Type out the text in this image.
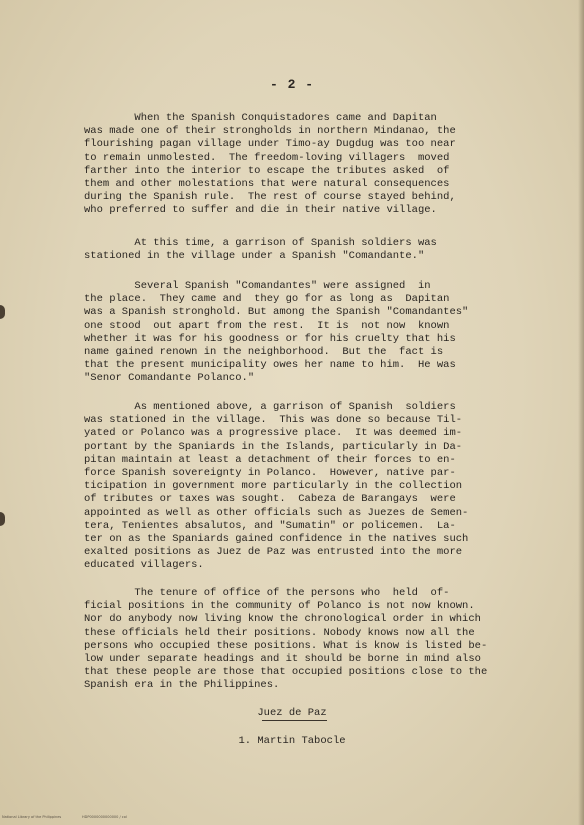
- 2 -
When the Spanish Conquistadores came and Dapitan
was made one of their strongholds in northern Mindanao, the
flourishing pagan village under Timo-ay Dugdug was too near
to remain unmolested.  The freedom-loving villagers  moved
farther into the interior to escape the tributes asked  of
them and other molestations that were natural consequences
during the Spanish rule.  The rest of course stayed behind,
who preferred to suffer and die in their native village.
At this time, a garrison of Spanish soldiers was
stationed in the village under a Spanish "Comandante."
Several Spanish "Comandantes" were assigned  in
the place.  They came and  they go for as long as  Dapitan
was a Spanish stronghold. But among the Spanish "Comandantes"
one stood  out apart from the rest.  It is  not now  known
whether it was for his goodness or for his cruelty that his
name gained renown in the neighborhood.  But the  fact is
that the present municipality owes her name to him.  He was
"Senor Comandante Polanco."
As mentioned above, a garrison of Spanish  soldiers
was stationed in the village.  This was done so because Til-
yated or Polanco was a progressive place.  It was deemed im-
portant by the Spaniards in the Islands, particularly in Da-
pitan maintain at least a detachment of their forces to en-
force Spanish sovereignty in Polanco.  However, native par-
ticipation in government more particularly in the collection
of tributes or taxes was sought.  Cabeza de Barangays  were
appointed as well as other officials such as Juezes de Semen-
tera, Tenientes absalutos, and "Sumatin" or policemen.  La-
ter on as the Spaniards gained confidence in the natives such
exalted positions as Juez de Paz was entrusted into the more
educated villagers.
The tenure of office of the persons who  held  of-
ficial positions in the community of Polanco is not now known.
Nor do anybody now living know the chronological order in which
these officials held their positions. Nobody knows now all the
persons who occupied these positions. What is know is listed be-
low under separate headings and it should be borne in mind also
that these people are those that occupied positions close to the
Spanish era in the Philippines.
Juez de Paz
1. Martin Tabocle
National Library of the Philippines	HDP0000000000000 / col
